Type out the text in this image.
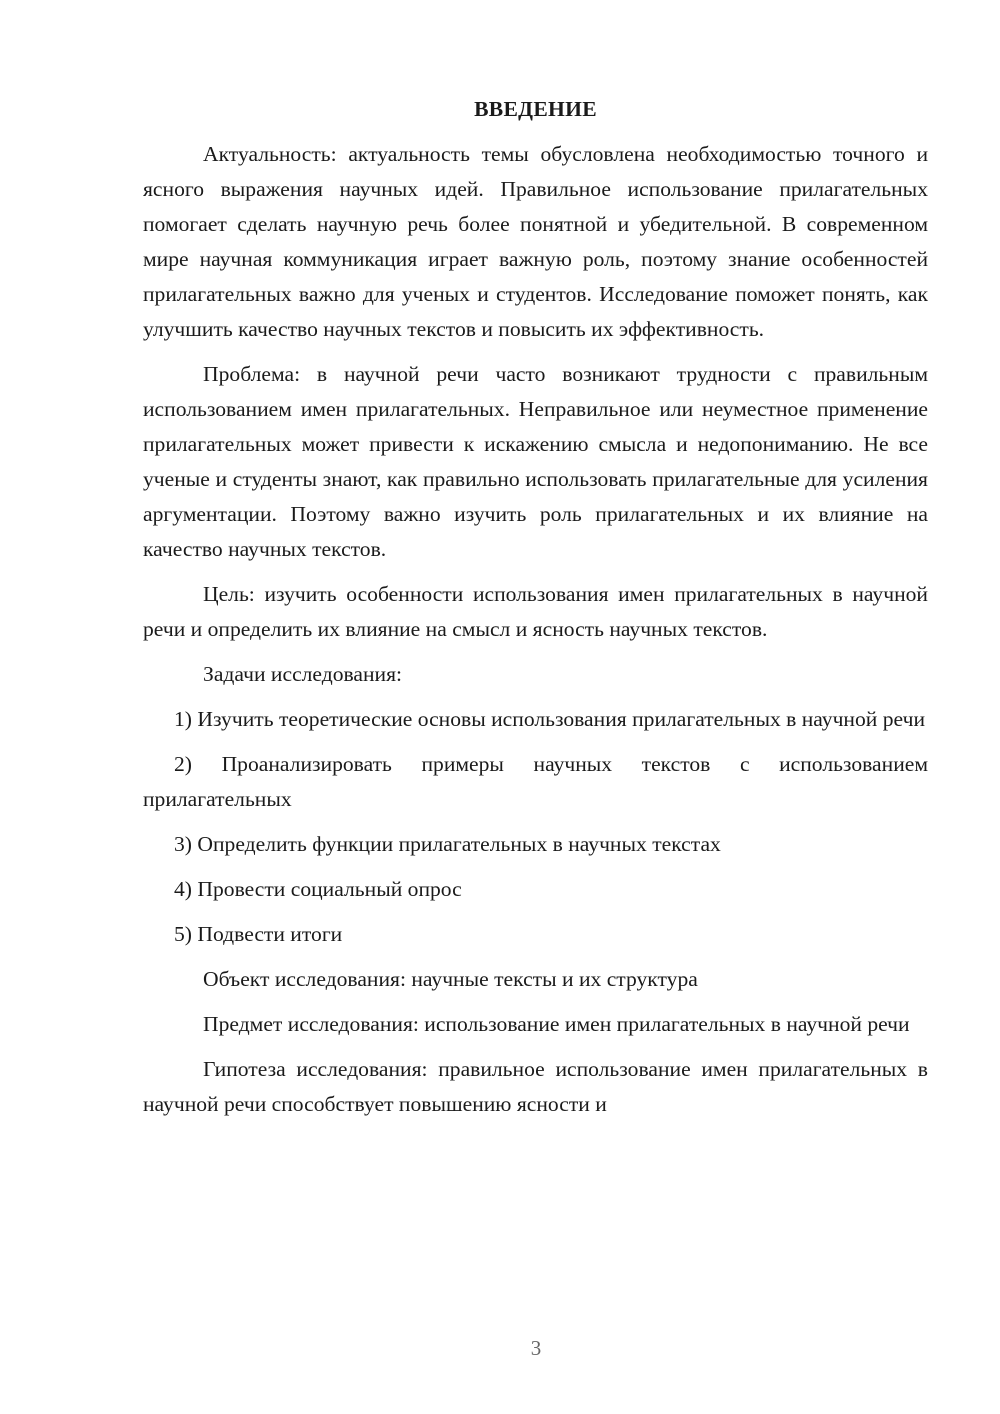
ВВЕДЕНИЕ

Актуальность: актуальность темы обусловлена необходимостью точного и ясного выражения научных идей. Правильное использование прилагательных помогает сделать научную речь более понятной и убедительной. В современном мире научная коммуникация играет важную роль, поэтому знание особенностей прилагательных важно для ученых и студентов. Исследование поможет понять, как улучшить качество научных текстов и повысить их эффективность.

Проблема: в научной речи часто возникают трудности с правильным использованием имен прилагательных. Неправильное или неуместное применение прилагательных может привести к искажению смысла и недопониманию. Не все ученые и студенты знают, как правильно использовать прилагательные для усиления аргументации. Поэтому важно изучить роль прилагательных и их влияние на качество научных текстов.

Цель: изучить особенности использования имен прилагательных в научной речи и определить их влияние на смысл и ясность научных текстов.

Задачи исследования:

1) Изучить теоретические основы использования прилагательных в научной речи

2) Проанализировать примеры научных текстов с использованием прилагательных

3) Определить функции прилагательных в научных текстах

4) Провести социальный опрос

5) Подвести итоги

Объект исследования: научные тексты и их структура

Предмет исследования: использование имен прилагательных в научной речи

Гипотеза исследования: правильное использование имен прилагательных в научной речи способствует повышению ясности и

3
